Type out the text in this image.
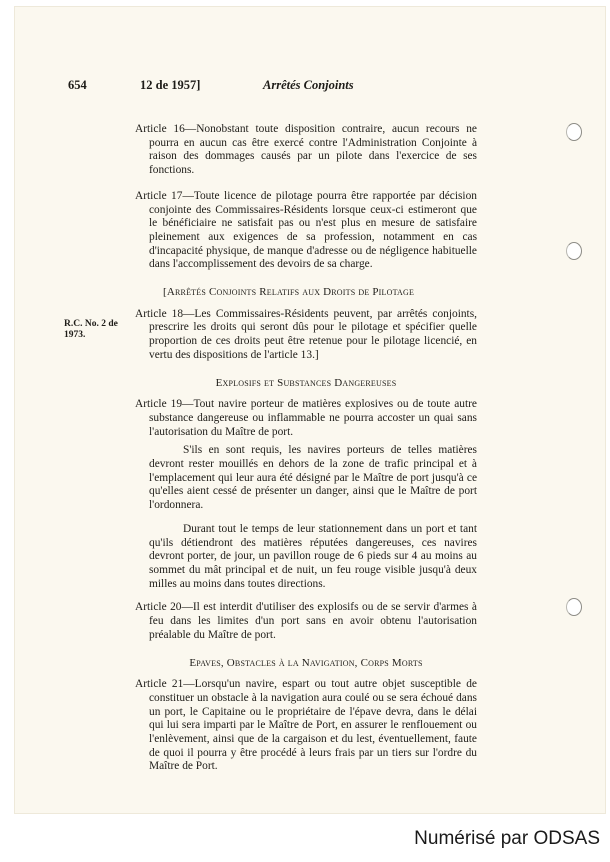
654	12 de 1957]	Arrêtés Conjoints
R.C. No. 2 de 1973.

Article 16—Nonobstant toute disposition contraire, aucun recours ne pourra en aucun cas être exercé contre l'Administration Conjointe à raison des dommages causés par un pilote dans l'exercice de ses fonctions.

Article 17—Toute licence de pilotage pourra être rapportée par décision conjointe des Commissaires-Résidents lorsque ceux-ci estimeront que le bénéficiaire ne satisfait pas ou n'est plus en mesure de satisfaire pleinement aux exigences de sa profession, notamment en cas d'incapacité physique, de manque d'adresse ou de négligence habituelle dans l'accomplissement des devoirs de sa charge.

[Arrêtés Conjoints Relatifs aux Droits de Pilotage

Article 18—Les Commissaires-Résidents peuvent, par arrêtés conjoints, prescrire les droits qui seront dûs pour le pilotage et spécifier quelle proportion de ces droits peut être retenue pour le pilotage licencié, en vertu des dispositions de l'article 13.]

Explosifs et Substances Dangereuses

Article 19—Tout navire porteur de matières explosives ou de toute autre substance dangereuse ou inflammable ne pourra accoster un quai sans l'autorisation du Maître de port.

S'ils en sont requis, les navires porteurs de telles matières devront rester mouillés en dehors de la zone de trafic principal et à l'emplacement qui leur aura été désigné par le Maître de port jusqu'à ce qu'elles aient cessé de présenter un danger, ainsi que le Maître de port l'ordonnera.

Durant tout le temps de leur stationnement dans un port et tant qu'ils détiendront des matières réputées dangereuses, ces navires devront porter, de jour, un pavillon rouge de 6 pieds sur 4 au moins au sommet du mât principal et de nuit, un feu rouge visible jusqu'à deux milles au moins dans toutes directions.

Article 20—Il est interdit d'utiliser des explosifs ou de se servir d'armes à feu dans les limites d'un port sans en avoir obtenu l'autorisation préalable du Maître de port.

Epaves, Obstacles à la Navigation, Corps Morts

Article 21—Lorsqu'un navire, espart ou tout autre objet susceptible de constituer un obstacle à la navigation aura coulé ou se sera échoué dans un port, le Capitaine ou le propriétaire de l'épave devra, dans le délai qui lui sera imparti par le Maître de Port, en assurer le renflouement ou l'enlèvement, ainsi que de la cargaison et du lest, éventuellement, faute de quoi il pourra y être procédé à leurs frais par un tiers sur l'ordre du Maître de Port.

Numérisé par ODSAS
